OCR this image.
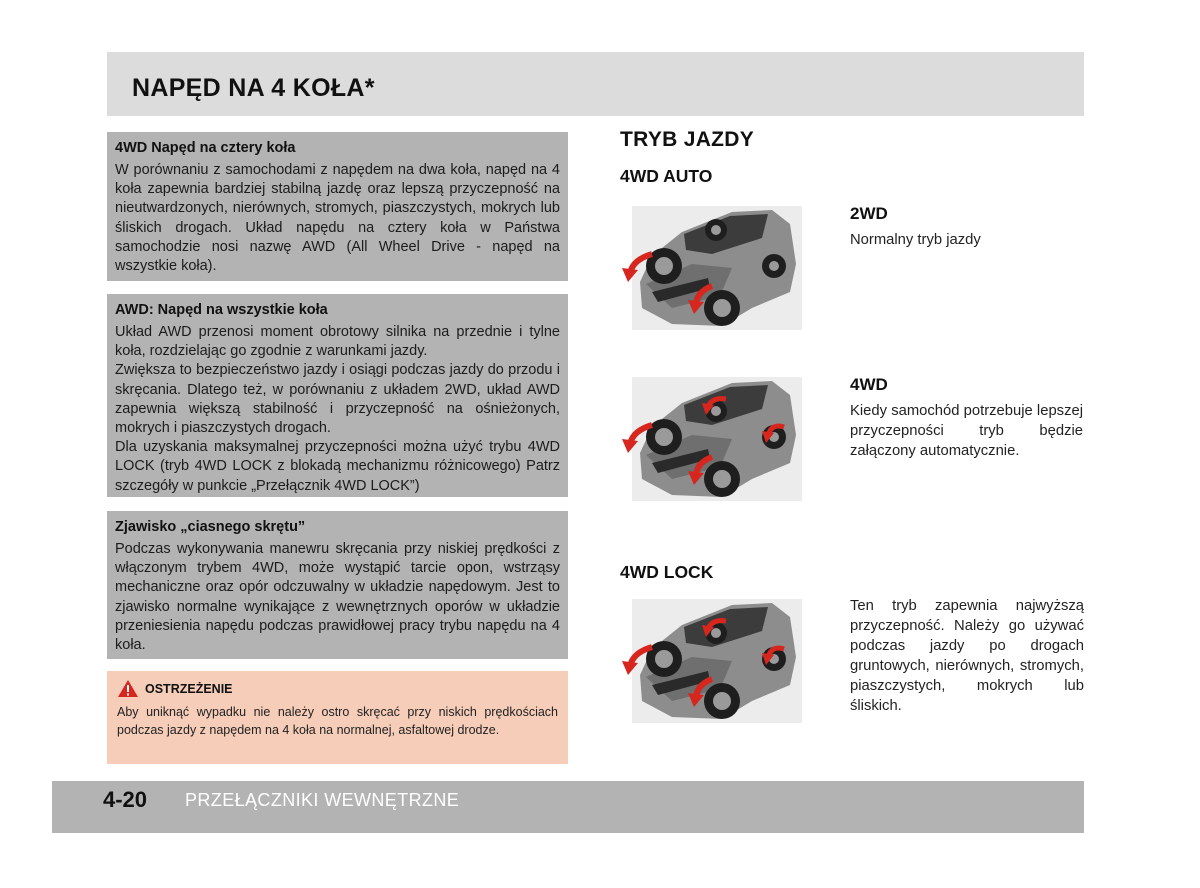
NAPĘD NA 4 KOŁA*
4WD Napęd na cztery koła

W porównaniu z samochodami z napędem na dwa koła, napęd na 4 koła zapewnia bardziej stabilną jazdę oraz lepszą przyczepność na nieutwardzonych, nierównych, stromych, piaszczystych, mokrych lub śliskich drogach. Układ napędu na cztery koła w Państwa samochodzie nosi nazwę AWD (All Wheel Drive - napęd na wszystkie koła).

AWD: Napęd na wszystkie koła

Układ AWD przenosi moment obrotowy silnika na przednie i tylne koła, rozdzielając go zgodnie z warunkami jazdy.

Zwiększa to bezpieczeństwo jazdy i osiągi podczas jazdy do przodu i skręcania. Dlatego też, w porównaniu z układem 2WD, układ AWD zapewnia większą stabilność i przyczepność na ośnieżonych, mokrych i piaszczystych drogach.

Dla uzyskania maksymalnej przyczepności można użyć trybu 4WD LOCK (tryb 4WD LOCK z blokadą mechanizmu różnicowego) Patrz szczegóły w punkcie „Przełącznik 4WD LOCK”)

Zjawisko „ciasnego skrętu”

Podczas wykonywania manewru skręcania przy niskiej prędkości z włączonym trybem 4WD, może wystąpić tarcie opon, wstrząsy mechaniczne oraz opór odczuwalny w układzie napędowym. Jest to zjawisko normalne wynikające z wewnętrznych oporów w układzie przeniesienia napędu podczas prawidłowej pracy trybu napędu na 4 koła.

OSTRZEŻENIE
Aby uniknąć wypadku nie należy ostro skręcać przy niskich prędkościach podczas jazdy z napędem na 4 koła na normalnej, asfaltowej drodze.
TRYB JAZDY
4WD AUTO
2WD
Normalny tryb jazdy
4WD
Kiedy samochód potrzebuje lepszej przyczepności tryb będzie załączony automatycznie.
4WD LOCK
Ten tryb zapewnia najwyższą przyczepność. Należy go używać podczas jazdy po drogach gruntowych, nierównych, stromych, piaszczystych, mokrych lub śliskich.
4-20 PRZEŁĄCZNIKI WEWNĘTRZNE
